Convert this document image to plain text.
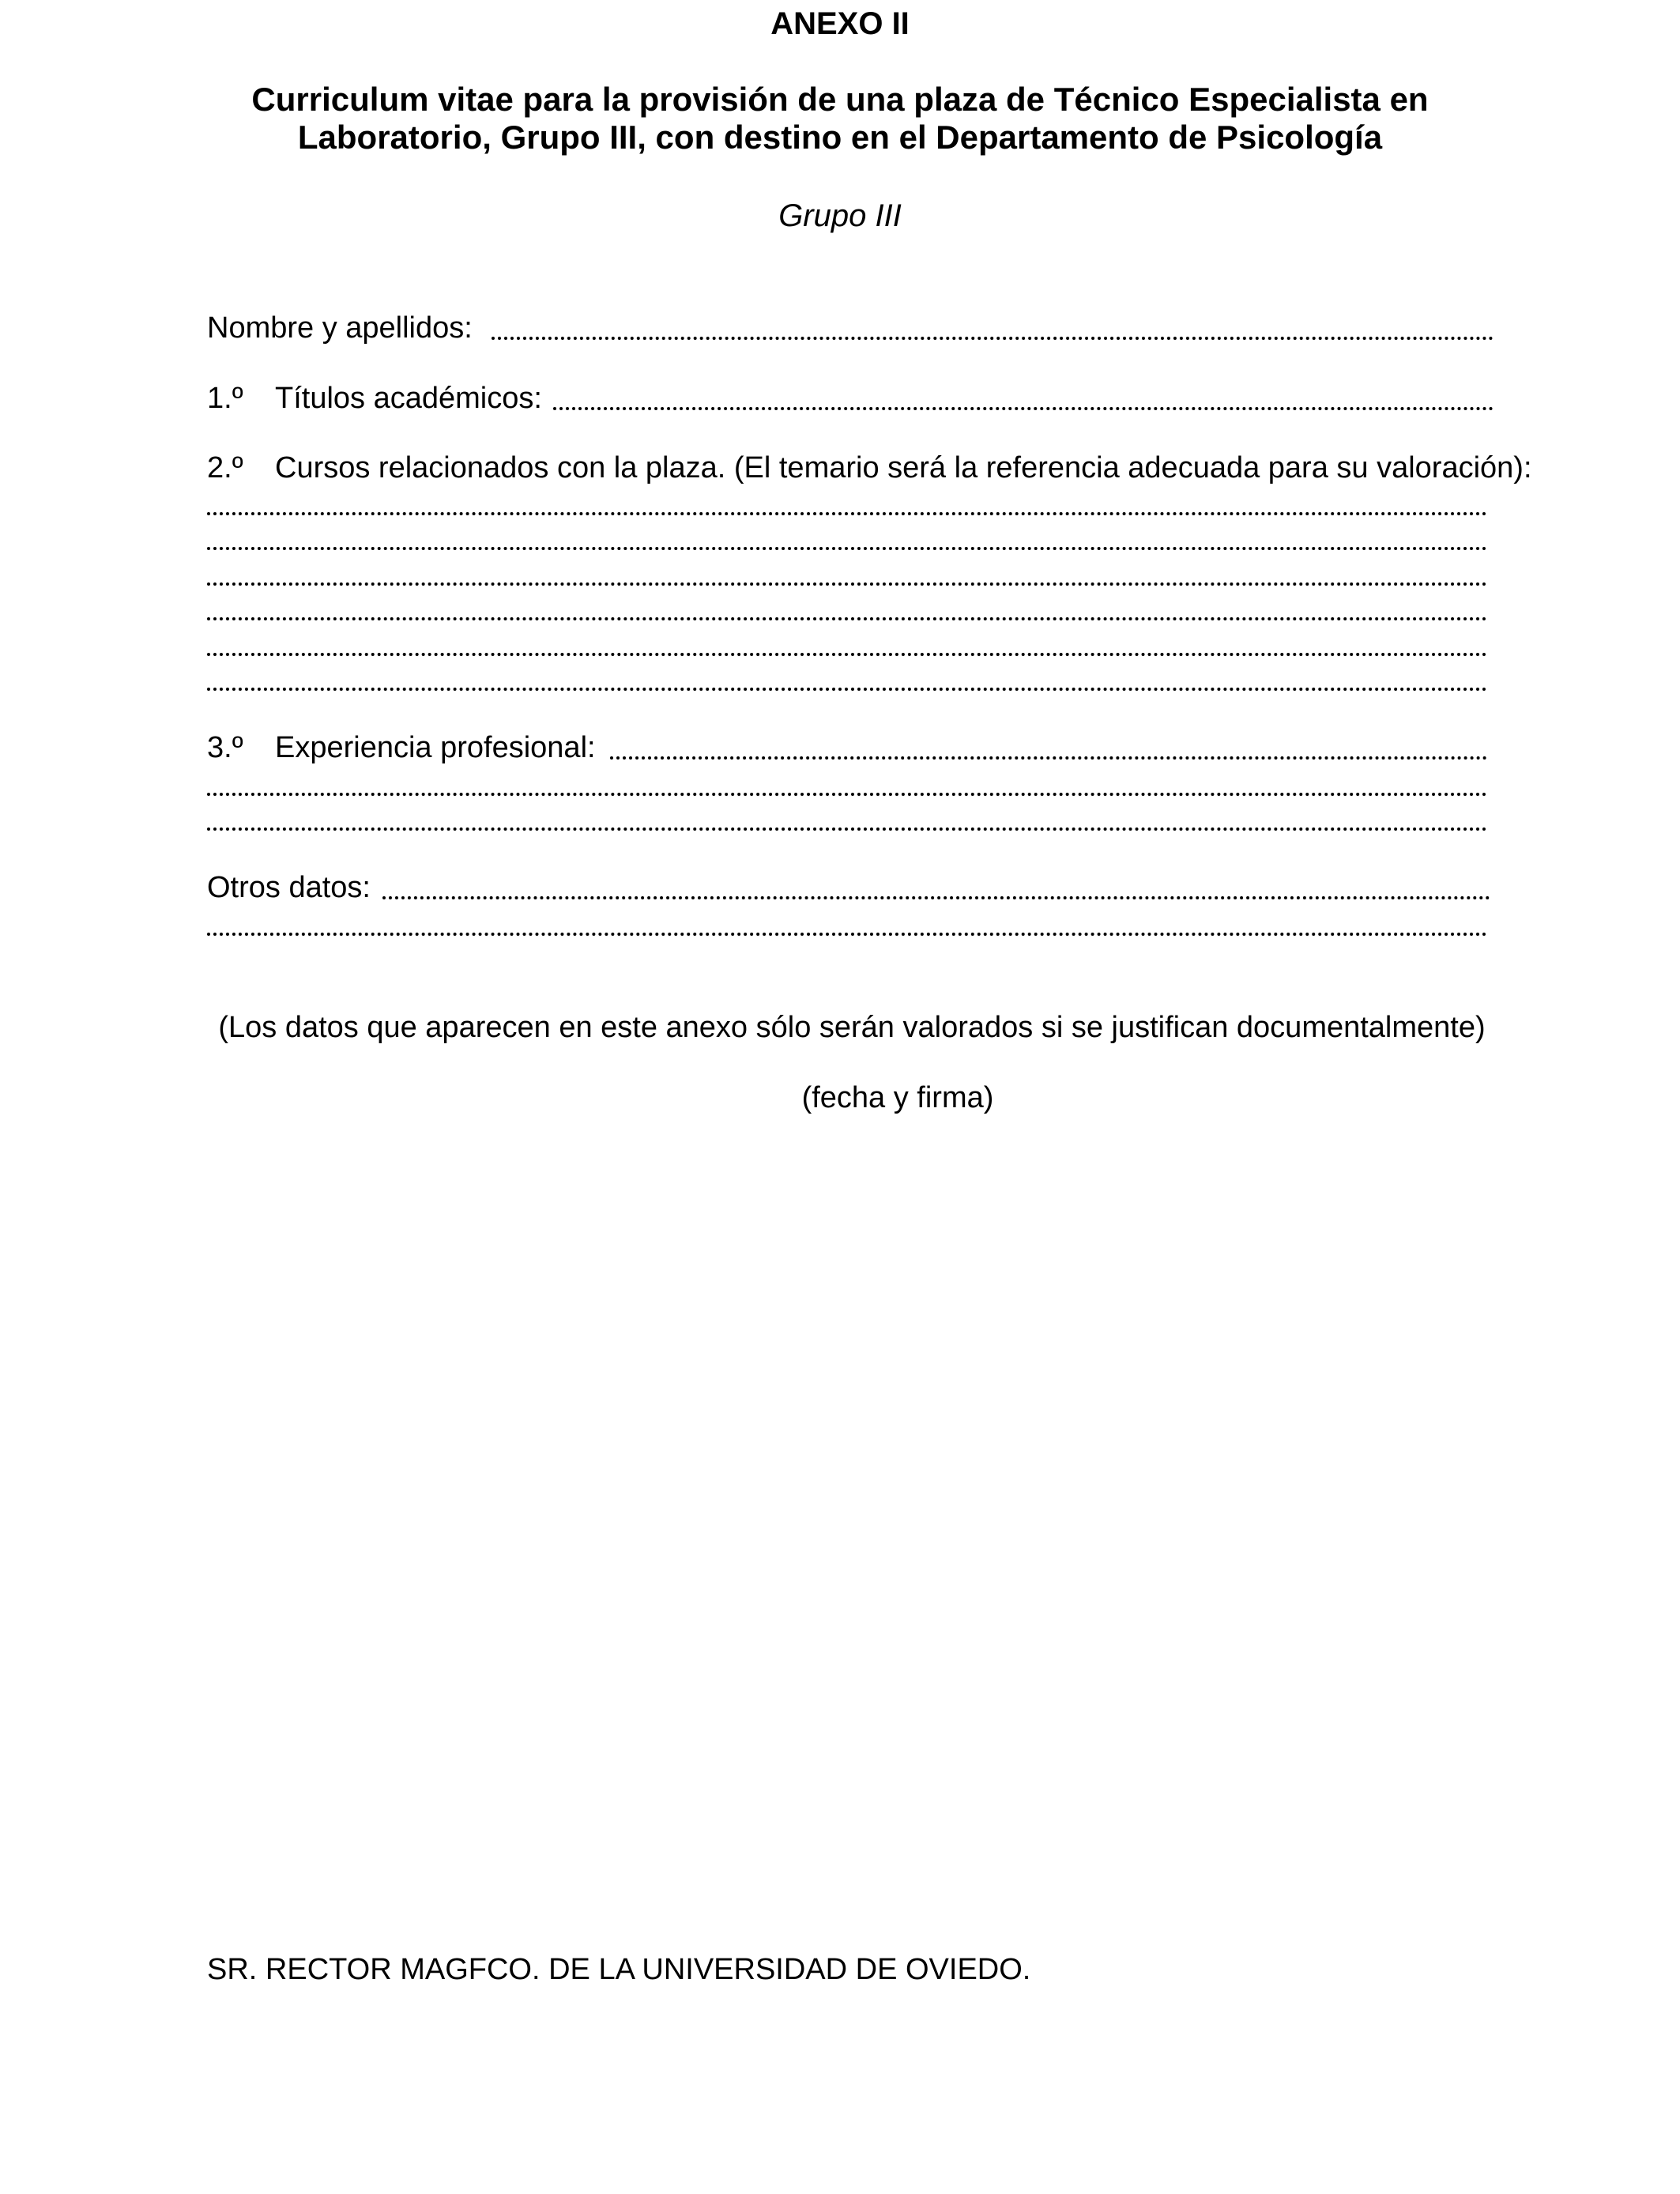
ANEXO II
Curriculum vitae para la provisión de una plaza de Técnico Especialista en
Laboratorio, Grupo III, con destino en el Departamento de Psicología
Grupo III
Nombre y apellidos:
1.º Títulos académicos:
2.º Cursos relacionados con la plaza. (El temario será la referencia adecuada para su valoración):
3.º Experiencia profesional:
Otros datos:
(Los datos que aparecen en este anexo sólo serán valorados si se justifican documentalmente)
(fecha y firma)
SR. RECTOR MAGFCO. DE LA UNIVERSIDAD DE OVIEDO.
